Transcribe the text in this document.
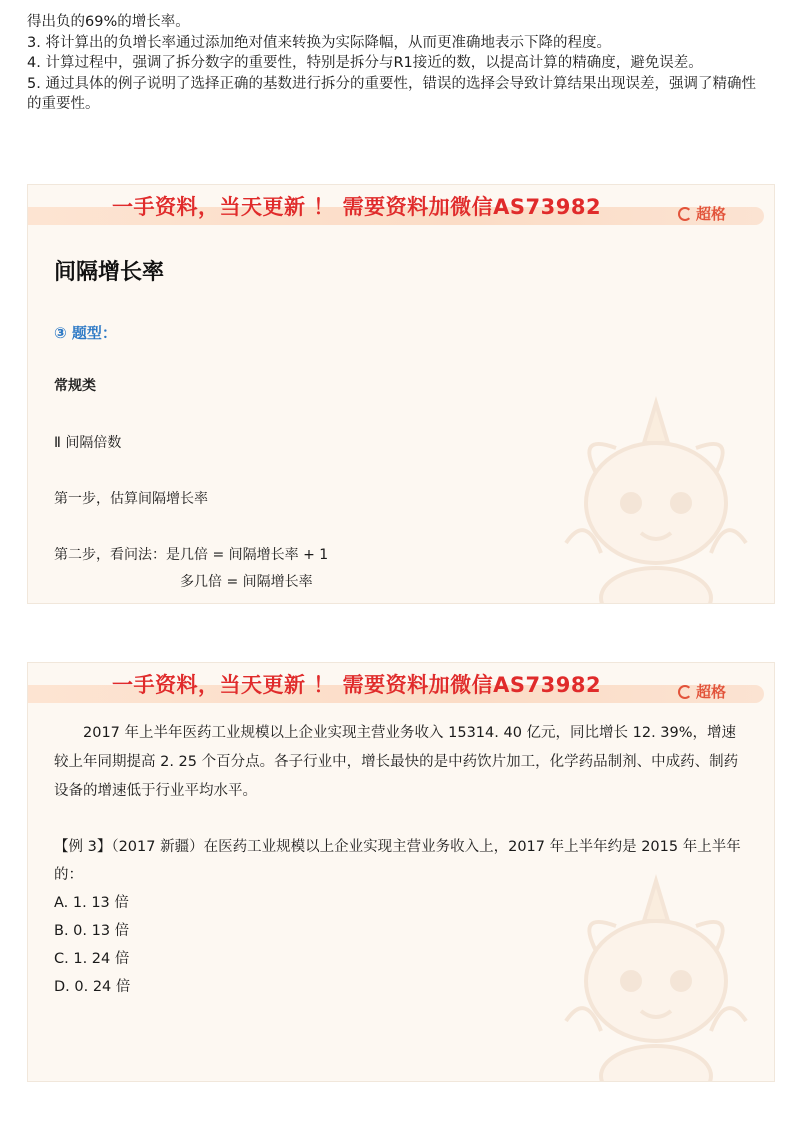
得出负的69%的增长率。

3. 将计算出的负增长率通过添加绝对值来转换为实际降幅，从而更准确地表示下降的程度。

4. 计算过程中，强调了拆分数字的重要性，特别是拆分与R1接近的数，以提高计算的精确度，避免误差。

5. 通过具体的例子说明了选择正确的基数进行拆分的重要性，错误的选择会导致计算结果出现误差，强调了精确性的重要性。

一手资料，当天更新 ！ 需要资料加微信AS73982	超格
间隔增长率
③ 题型：
常规类
Ⅱ 间隔倍数
第一步，估算间隔增长率
第二步，看问法：是几倍 = 间隔增长率 + 1
多几倍 = 间隔增长率
一手资料，当天更新 ！ 需要资料加微信AS73982	超格

2017 年上半年医药工业规模以上企业实现主营业务收入 15314. 40 亿元，同比增长 12. 39%，增速较上年同期提高 2. 25 个百分点。各子行业中，增长最快的是中药饮片加工，化学药品制剂、中成药、制药设备的增速低于行业平均水平。

【例 3】（2017 新疆）在医药工业规模以上企业实现主营业务收入上，2017 年上半年约是 2015 年上半年的：

A. 1. 13 倍

B. 0. 13 倍

C. 1. 24 倍

D. 0. 24 倍
